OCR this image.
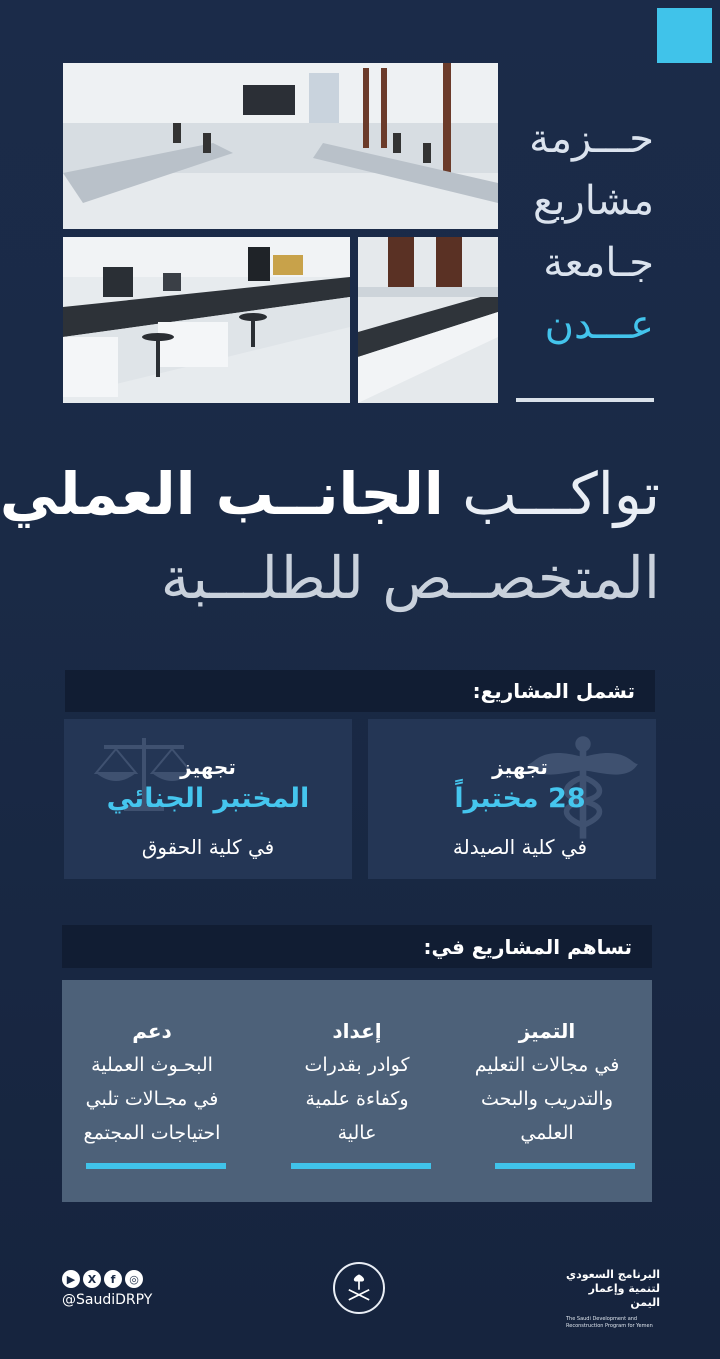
حـــزمة
مشاريع
جـامعة
عـــدن
تواكـــب الجانــب العملي
المتخصــص للطلـــبة
تشمل المشاريع:
تجهيز
28 مختبراً
في كلية الصيدلة
تجهيز
المختبر الجنائي
في كلية الحقوق
تساهم المشاريع في:
التميز
في مجالات التعليم
والتدريب والبحث
العلمي
إعداد
كوادر بقدرات
وكفاءة علمية
عالية
دعم
البحـوث العملية
في مجـالات تلبي
احتياجات المجتمع
▶	X	f	◎
@SaudiDRPY
البرنامج السعودي
لتنمية وإعمار اليمن
The Saudi Development and Reconstruction Program for Yemen
